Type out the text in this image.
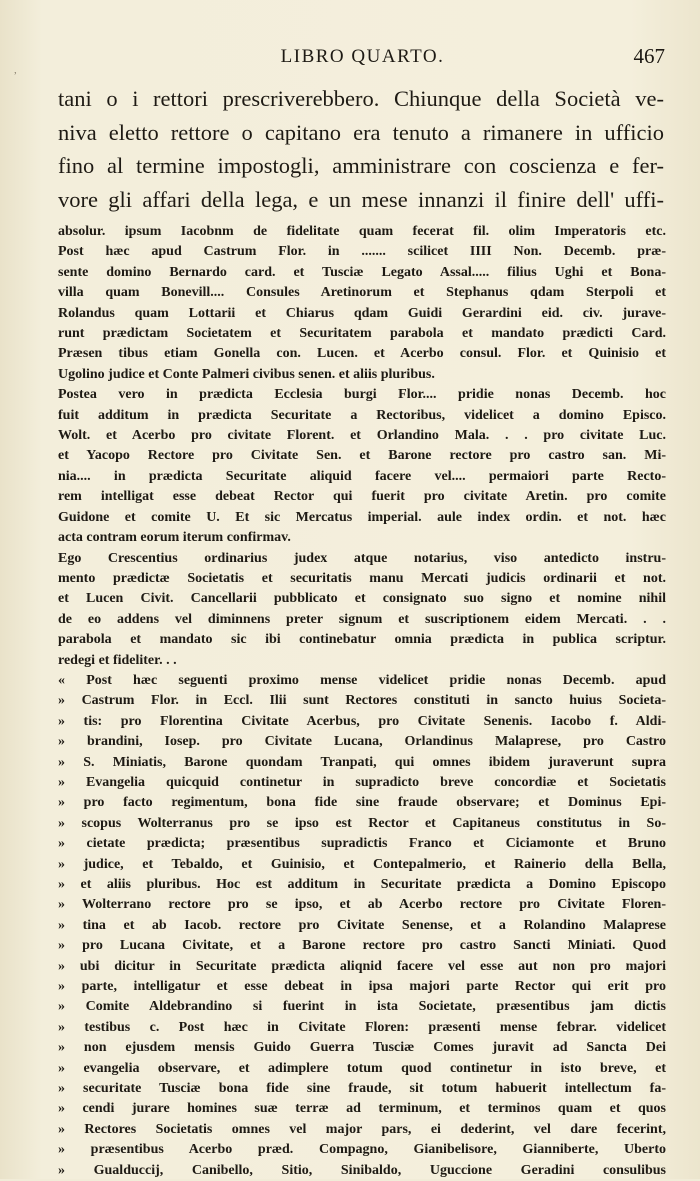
,
LIBRO QUARTO.	467
tani o i rettori prescriverebbero. Chiunque della Società ve-
niva eletto rettore o capitano era tenuto a rimanere in ufficio
fino al termine impostogli, amministrare con coscienza e fer-
vore gli affari della lega, e un mese innanzi il finire dell' uffi-
absolur. ipsum Iacobnm de fidelitate quam fecerat fil. olim Imperatoris etc.
Post hæc apud Castrum Flor. in ....... scilicet IIII Non. Decemb. præ-
sente domino Bernardo card. et Tusciæ Legato Assal..... filius Ughi et Bona-
villa quam Bonevill.... Consules Aretinorum et Stephanus qdam Sterpoli et
Rolandus quam Lottarii et Chiarus qdam Guidi Gerardini eid. civ. jurave-
runt prædictam Societatem et Securitatem parabola et mandato prædicti Card.
Præsen tibus etiam Gonella con. Lucen. et Acerbo consul. Flor. et Quinisio et
Ugolino judice et Conte Palmeri civibus senen. et aliis pluribus.
Postea vero in prædicta Ecclesia burgi Flor.... pridie nonas Decemb. hoc
fuit additum in prædicta Securitate a Rectoribus, videlicet a domino Episco.
Wolt. et Acerbo pro civitate Florent. et Orlandino Mala. . . pro civitate Luc.
et Yacopo Rectore pro Civitate Sen. et Barone rectore pro castro san. Mi-
nia.... in prædicta Securitate aliquid facere vel.... permaiori parte Recto-
rem intelligat esse debeat Rector qui fuerit pro civitate Aretin. pro comite
Guidone et comite U. Et sic Mercatus imperial. aule index ordin. et not. hæc
acta contram eorum iterum confirmav.
Ego Crescentius ordinarius judex atque notarius, viso antedicto instru-
mento prædictæ Societatis et securitatis manu Mercati judicis ordinarii et not.
et Lucen Civit. Cancellarii pubblicato et consignato suo signo et nomine nihil
de eo addens vel diminnens preter signum et suscriptionem eidem Mercati. . .
parabola et mandato sic ibi continebatur omnia prædicta in publica scriptur.
redegi et fideliter. . .
« Post hæc seguenti proximo mense videlicet pridie nonas Decemb. apud
» Castrum Flor. in Eccl. Ilii sunt Rectores constituti in sancto huius Societa-
» tis: pro Florentina Civitate Acerbus, pro Civitate Senenis. Iacobo f. Aldi-
» brandini, Iosep. pro Civitate Lucana, Orlandinus Malaprese, pro Castro
» S. Miniatis, Barone quondam Tranpati, qui omnes ibidem juraverunt supra
» Evangelia quicquid continetur in supradicto breve concordiæ et Societatis
» pro facto regimentum, bona fide sine fraude observare; et Dominus Epi-
» scopus Wolterranus pro se ipso est Rector et Capitaneus constitutus in So-
» cietate prædicta; præsentibus supradictis Franco et Ciciamonte et Bruno
» judice, et Tebaldo, et Guinisio, et Contepalmerio, et Rainerio della Bella,
» et aliis pluribus. Hoc est additum in Securitate prædicta a Domino Episcopo
» Wolterrano rectore pro se ipso, et ab Acerbo rectore pro Civitate Floren-
» tina et ab Iacob. rectore pro Civitate Senense, et a Rolandino Malaprese
» pro Lucana Civitate, et a Barone rectore pro castro Sancti Miniati. Quod
» ubi dicitur in Securitate prædicta aliqnid facere vel esse aut non pro majori
» parte, intelligatur et esse debeat in ipsa majori parte Rector qui erit pro
» Comite Aldebrandino si fuerint in ista Societate, præsentibus jam dictis
» testibus c. Post hæc in Civitate Floren: præsenti mense febrar. videlicet
» non ejusdem mensis Guido Guerra Tusciæ Comes juravit ad Sancta Dei
» evangelia observare, et adimplere totum quod continetur in isto breve, et
» securitate Tusciæ bona fide sine fraude, sit totum habuerit intellectum fa-
» cendi jurare homines suæ terræ ad terminum, et terminos quam et quos
» Rectores Societatis omnes vel major pars, ei dederint, vel dare fecerint,
» præsentibus Acerbo præd. Compagno, Gianibelisore, Gianniberte, Uberto
» Gualduccij, Canibello, Sitio, Sinibaldo, Uguccione Geradini consulibus
